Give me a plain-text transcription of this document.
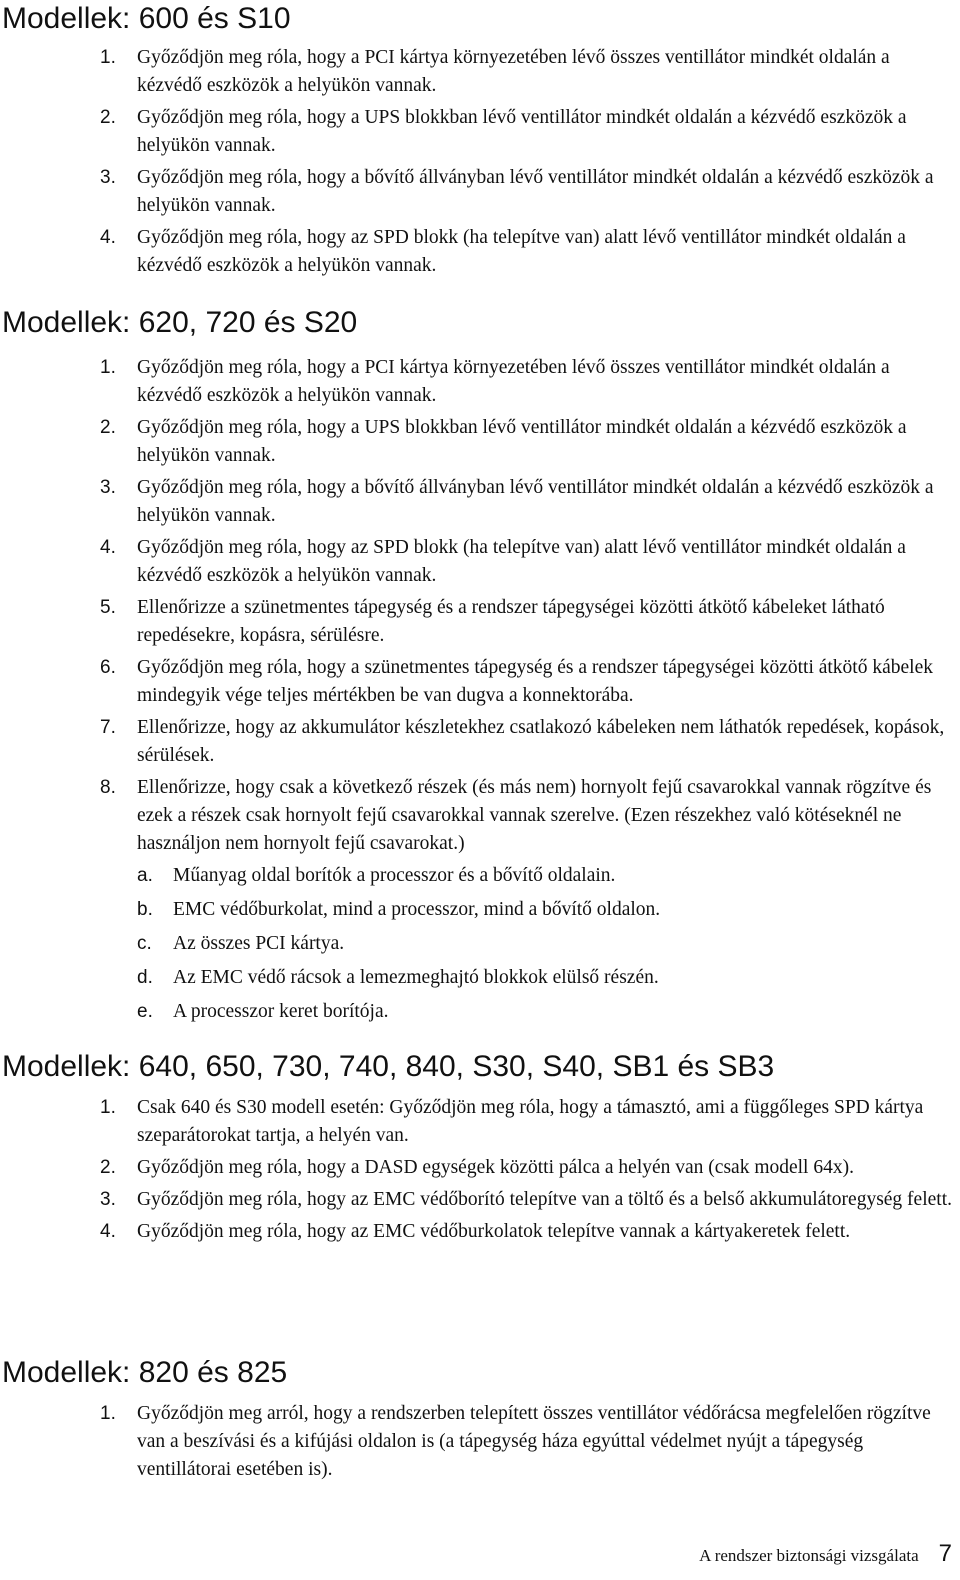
Modellek: 600 és S10
1. Győződjön meg róla, hogy a PCI kártya környezetében lévő összes ventillátor mindkét oldalán a kézvédő eszközök a helyükön vannak.
2. Győződjön meg róla, hogy a UPS blokkban lévő ventillátor mindkét oldalán a kézvédő eszközök a helyükön vannak.
3. Győződjön meg róla, hogy a bővítő állványban lévő ventillátor mindkét oldalán a kézvédő eszközök a helyükön vannak.
4. Győződjön meg róla, hogy az SPD blokk (ha telepítve van) alatt lévő ventillátor mindkét oldalán a kézvédő eszközök a helyükön vannak.
Modellek: 620, 720 és S20
1. Győződjön meg róla, hogy a PCI kártya környezetében lévő összes ventillátor mindkét oldalán a kézvédő eszközök a helyükön vannak.
2. Győződjön meg róla, hogy a UPS blokkban lévő ventillátor mindkét oldalán a kézvédő eszközök a helyükön vannak.
3. Győződjön meg róla, hogy a bővítő állványban lévő ventillátor mindkét oldalán a kézvédő eszközök a helyükön vannak.
4. Győződjön meg róla, hogy az SPD blokk (ha telepítve van) alatt lévő ventillátor mindkét oldalán a kézvédő eszközök a helyükön vannak.
5. Ellenőrizze a szünetmentes tápegység és a rendszer tápegységei közötti átkötő kábeleket látható repedésekre, kopásra, sérülésre.
6. Győződjön meg róla, hogy a szünetmentes tápegység és a rendszer tápegységei közötti átkötő kábelek mindegyik vége teljes mértékben be van dugva a konnektorába.
7. Ellenőrizze, hogy az akkumulátor készletekhez csatlakozó kábeleken nem láthatók repedések, kopások, sérülések.
8. Ellenőrizze, hogy csak a következő részek (és más nem) hornyolt fejű csavarokkal vannak rögzítve és ezek a részek csak hornyolt fejű csavarokkal vannak szerelve. (Ezen részekhez való kötéseknél ne használjon nem hornyolt fejű csavarokat.)
a. Műanyag oldal borítók a processzor és a bővítő oldalain.
b. EMC védőburkolat, mind a processzor, mind a bővítő oldalon.
c. Az összes PCI kártya.
d. Az EMC védő rácsok a lemezmeghajtó blokkok elülső részén.
e. A processzor keret borítója.
Modellek: 640, 650, 730, 740, 840, S30, S40, SB1 és SB3
1. Csak 640 és S30 modell esetén: Győződjön meg róla, hogy a támasztó, ami a függőleges SPD kártya szeparátorokat tartja, a helyén van.
2. Győződjön meg róla, hogy a DASD egységek közötti pálca a helyén van (csak modell 64x).
3. Győződjön meg róla, hogy az EMC védőborító telepítve van a töltő és a belső akkumulátoregység felett.
4. Győződjön meg róla, hogy az EMC védőburkolatok telepítve vannak a kártyakeretek felett.
Modellek: 820 és 825
1. Győződjön meg arról, hogy a rendszerben telepített összes ventillátor védőrácsa megfelelően rögzítve van a beszívási és a kifújási oldalon is (a tápegység háza egyúttal védelmet nyújt a tápegység ventillátorai esetében is).
A rendszer biztonsági vizsgálata 7
